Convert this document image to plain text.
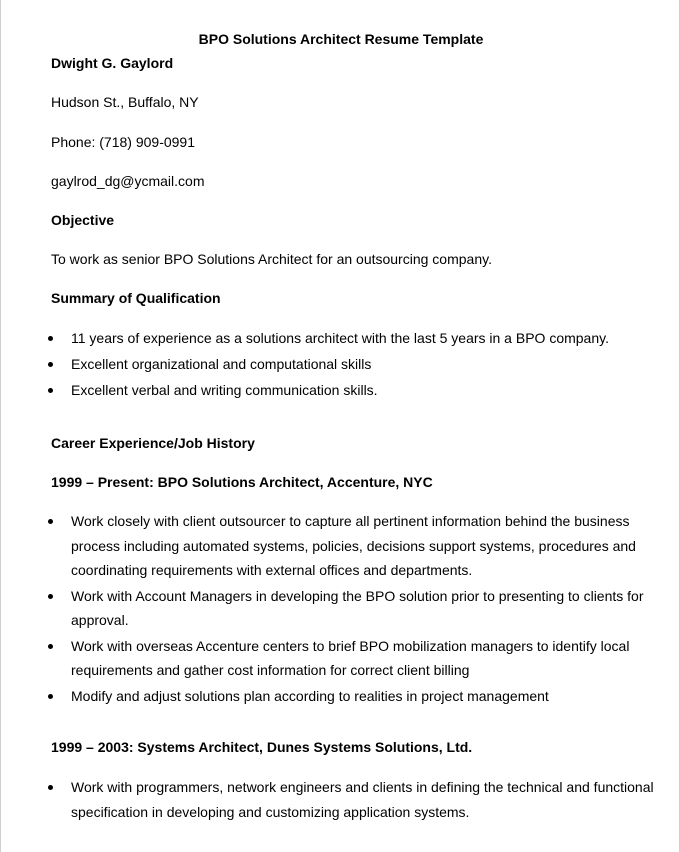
BPO Solutions Architect Resume Template
Dwight G. Gaylord
Hudson St., Buffalo, NY
Phone: (718) 909-0991
gaylrod_dg@ycmail.com
Objective
To work as senior BPO Solutions Architect for an outsourcing company.
Summary of Qualification
11 years of experience as a solutions architect with the last 5 years in a BPO company.
Excellent organizational and computational skills
Excellent verbal and writing communication skills.
Career Experience/Job History
1999 – Present: BPO Solutions Architect, Accenture, NYC
Work closely with client outsourcer to capture all pertinent information behind the business process including automated systems, policies, decisions support systems, procedures and coordinating requirements with external offices and departments.
Work with Account Managers in developing the BPO solution prior to presenting to clients for approval.
Work with overseas Accenture centers to brief BPO mobilization managers to identify local requirements and gather cost information for correct client billing
Modify and adjust solutions plan according to realities in project management
1999 – 2003: Systems Architect, Dunes Systems Solutions, Ltd.
Work with programmers, network engineers and clients in defining the technical and functional specification in developing and customizing application systems.
